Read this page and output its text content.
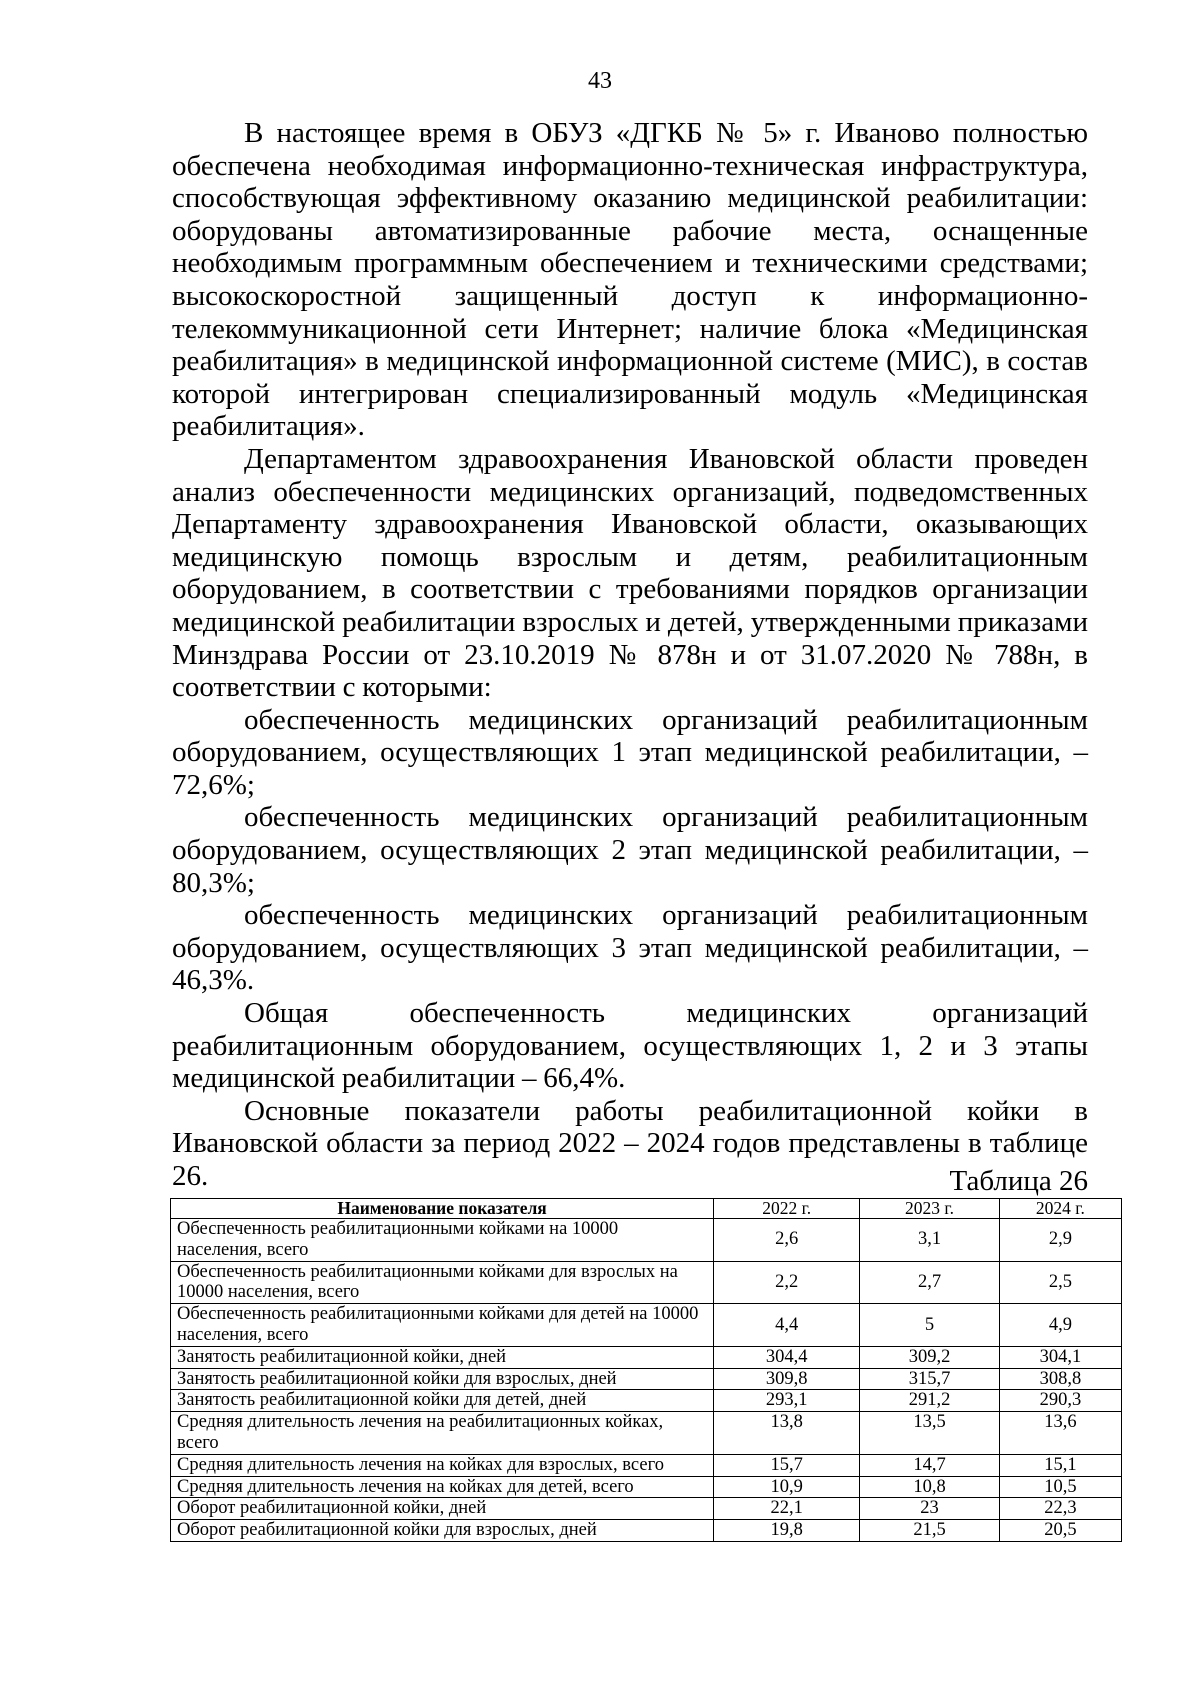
43

В настоящее время в ОБУЗ «ДГКБ № 5» г. Иваново полностью обеспечена необходимая информационно-техническая инфраструктура, способствующая эффективному оказанию медицинской реабилитации: оборудованы автоматизированные рабочие места, оснащенные необходимым программным обеспечением и техническими средствами; высокоскоростной защищенный доступ к информационно-телекоммуникационной сети Интернет; наличие блока «Медицинская реабилитация» в медицинской информационной системе (МИС), в состав которой интегрирован специализированный модуль «Медицинская реабилитация».

Департаментом здравоохранения Ивановской области проведен анализ обеспеченности медицинских организаций, подведомственных Департаменту здравоохранения Ивановской области, оказывающих медицинскую помощь взрослым и детям, реабилитационным оборудованием, в соответствии с требованиями порядков организации медицинской реабилитации взрослых и детей, утвержденными приказами Минздрава России от 23.10.2019 № 878н и от 31.07.2020 № 788н, в соответствии с которыми:

обеспеченность медицинских организаций реабилитационным оборудованием, осуществляющих 1 этап медицинской реабилитации, – 72,6%;

обеспеченность медицинских организаций реабилитационным оборудованием, осуществляющих 2 этап медицинской реабилитации, – 80,3%;

обеспеченность медицинских организаций реабилитационным оборудованием, осуществляющих 3 этап медицинской реабилитации, – 46,3%.

Общая обеспеченность медицинских организаций реабилитационным оборудованием, осуществляющих 1, 2 и 3 этапы медицинской реабилитации – 66,4%.

Основные показатели работы реабилитационной койки в Ивановской области за период 2022 – 2024 годов представлены в таблице 26.	Таблица 26
Наименование показателя	2022 г.	2023 г.	2024 г.
Обеспеченность реабилитационными койками на 10000 населения, всего	2,6	3,1	2,9
Обеспеченность реабилитационными койками для взрослых на 10000 населения, всего	2,2	2,7	2,5
Обеспеченность реабилитационными койками для детей на 10000 населения, всего	4,4	5	4,9
Занятость реабилитационной койки, дней	304,4	309,2	304,1
Занятость реабилитационной койки для взрослых, дней	309,8	315,7	308,8
Занятость реабилитационной койки для детей, дней	293,1	291,2	290,3
Средняя длительность лечения на реабилитационных койках, всего	13,8	13,5	13,6
Средняя длительность лечения на койках для взрослых, всего	15,7	14,7	15,1
Средняя длительность лечения на койках для детей, всего	10,9	10,8	10,5
Оборот реабилитационной койки, дней	22,1	23	22,3
Оборот реабилитационной койки для взрослых, дней	19,8	21,5	20,5
